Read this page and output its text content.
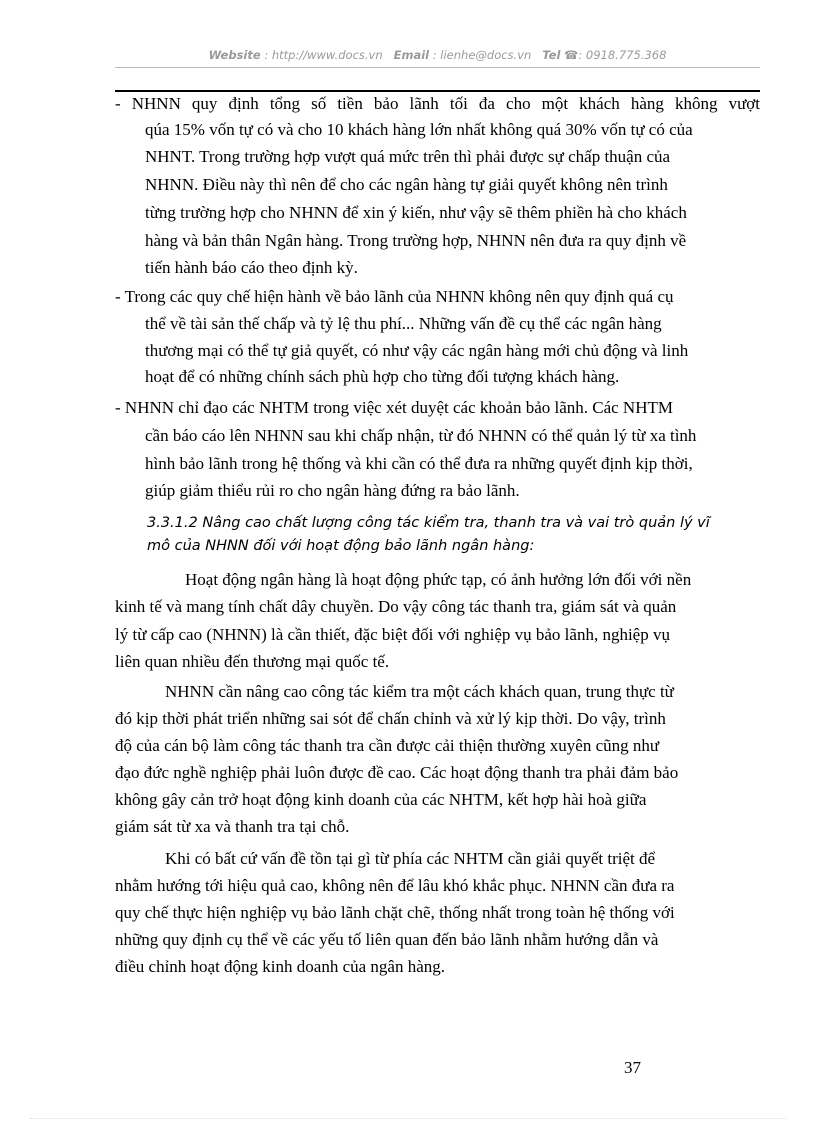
Website : http://www.docs.vn Email : lienhe@docs.vn Tel ☎: 0918.775.368
- NHNN quy định tổng số tiền bảo lãnh tối đa cho một khách hàng không vượt
qúa 15% vốn tự có và cho 10 khách hàng lớn nhất không quá 30% vốn tự có của
NHNT. Trong trường hợp vượt quá mức trên thì phải được sự chấp thuận của
NHNN. Điều này thì nên để cho các ngân hàng tự giải quyết không nên trình
từng trường hợp cho NHNN để xin ý kiến, như vậy sẽ thêm phiền hà cho khách
hàng và bản thân Ngân hàng. Trong trường hợp, NHNN nên đưa ra quy định về
tiến hành báo cáo theo định kỳ.
- Trong các quy chế hiện hành về bảo lãnh của NHNN không nên quy định quá cụ
thể về tài sản thế chấp và tỷ lệ thu phí... Những vấn đề cụ thể các ngân hàng
thương mại có thể tự giả quyết, có như vậy các ngân hàng mới chủ động và linh
hoạt để có những chính sách phù hợp cho từng đối tượng khách hàng.
- NHNN chỉ đạo các NHTM trong việc xét duyệt các khoản bảo lãnh. Các NHTM
cần báo cáo lên NHNN sau khi chấp nhận, từ đó NHNN có thể quản lý từ xa tình
hình bảo lãnh trong hệ thống và khi cần có thể đưa ra những quyết định kịp thời,
giúp giảm thiểu rủi ro cho ngân hàng đứng ra bảo lãnh.
3.3.1.2 Nâng cao chất lượng công tác kiểm tra, thanh tra và vai trò quản lý vĩ
mô của NHNN đối với hoạt động bảo lãnh ngân hàng:
Hoạt động ngân hàng là hoạt động phức tạp, có ảnh hưởng lớn đối với nền
kinh tế và mang tính chất dây chuyền. Do vậy công tác thanh tra, giám sát và quản
lý từ cấp cao (NHNN) là cần thiết, đặc biệt đối với nghiệp vụ bảo lãnh, nghiệp vụ
liên quan nhiều đến thương mại quốc tế.
NHNN cần nâng cao công tác kiểm tra một cách khách quan, trung thực từ
đó kịp thời phát triển những sai sót để chấn chỉnh và xử lý kịp thời. Do vậy, trình
độ của cán bộ làm công tác thanh tra cần được cải thiện thường xuyên cũng như
đạo đức nghề nghiệp phải luôn được đề cao. Các hoạt động thanh tra phải đảm bảo
không gây cản trở hoạt động kinh doanh của các NHTM, kết hợp hài hoà giữa
giám sát từ xa và thanh tra tại chỗ.
Khi có bất cứ vấn đề tồn tại gì từ phía các NHTM cần giải quyết triệt để
nhằm hướng tới hiệu quả cao, không nên để lâu khó khắc phục. NHNN cần đưa ra
quy chế thực hiện nghiệp vụ bảo lãnh chặt chẽ, thống nhất trong toàn hệ thống với
những quy định cụ thể về các yếu tố liên quan đến bảo lãnh nhằm hướng dẫn và
điều chỉnh hoạt động kinh doanh của ngân hàng.
37
